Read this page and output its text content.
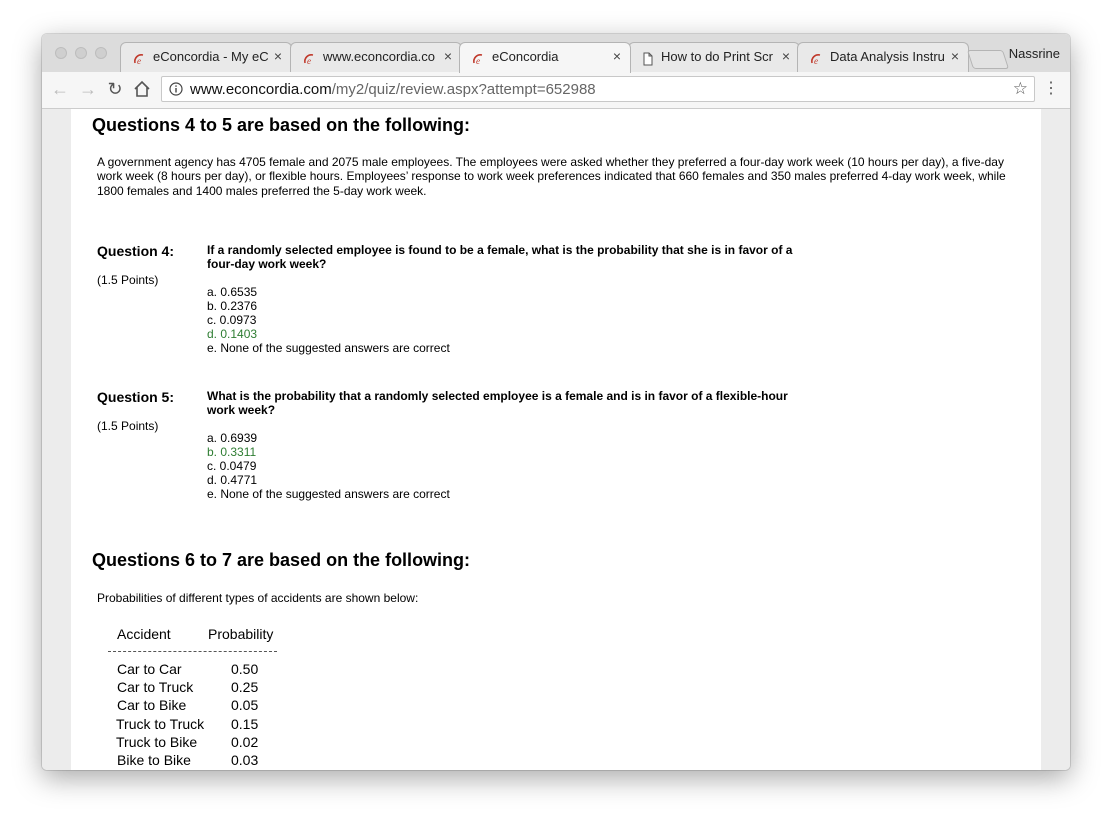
e eConcordia - My eC ×	e www.econcordia.co ×	e eConcordia	×	How to do Print Scr ×	e Data Analysis Instru ×	Nassrine
← → ↻	www.econcordia.com/my2/quiz/review.aspx?attempt=652988	☆ ⋮
Questions 4 to 5 are based on the following:

A government agency has 4705 female and 2075 male employees. The employees were asked whether they preferred a four-day work week (10 hours per day), a five-day work week (8 hours per day), or flexible hours. Employees’ response to work week preferences indicated that 660 females and 350 males preferred 4-day work week, while 1800 females and 1400 males preferred the 5-day work week.

Question 4:
(1.5 Points)
If a randomly selected employee is found to be a female, what is the probability that she is in favor of a four-day work week?
a. 0.6535
b. 0.2376
c. 0.0973
d. 0.1403
e. None of the suggested answers are correct
Question 5:
(1.5 Points)
What is the probability that a randomly selected employee is a female and is in favor of a flexible-hour work week?
a. 0.6939
b. 0.3311
c. 0.0479
d. 0.4771
e. None of the suggested answers are correct
Questions 6 to 7 are based on the following:

Probabilities of different types of accidents are shown below:

Accident	Probability
Car to Car	0.50
Car to Truck	0.25
Car to Bike	0.05
Truck to Truck 0.15
Truck to Bike 0.02
Bike to Bike	0.03
